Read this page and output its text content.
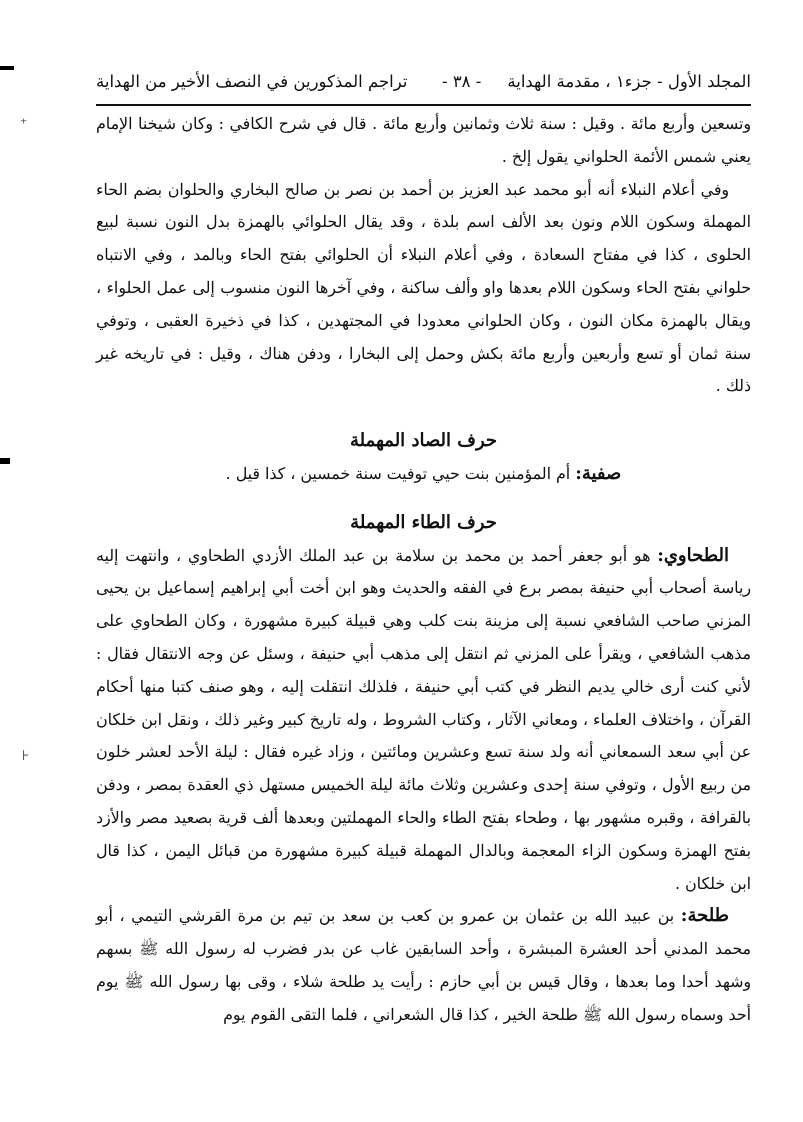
⁺
⊦
المجلد الأول - جزء١ ، مقدمة الهداية
- ٣٨ -
تراجم المذكورين في النصف الأخير من الهداية

وتسعين وأربع مائة . وقيل : سنة ثلاث وثمانين وأربع مائة . قال في شرح الكافي : وكان شيخنا الإمام يعني شمس الأئمة الحلواني يقول إلخ .

وفي أعلام النبلاء أنه أبو محمد عبد العزيز بن أحمد بن نصر بن صالح البخاري والحلوان بضم الحاء المهملة وسكون اللام ونون بعد الألف اسم بلدة ، وقد يقال الحلوائي بالهمزة بدل النون نسبة لبيع الحلوى ، كذا في مفتاح السعادة ، وفي أعلام النبلاء أن الحلوائي بفتح الحاء وبالمد ، وفي الانتباه حلواني بفتح الحاء وسكون اللام بعدها واو وألف ساكنة ، وفي آخرها النون منسوب إلى عمل الحلواء ، ويقال بالهمزة مكان النون ، وكان الحلواني معدودا في المجتهدين ، كذا في ذخيرة العقبى ، وتوفي سنة ثمان أو تسع وأربعين وأربع مائة بكش وحمل إلى البخارا ، ودفن هناك ، وقيل : في تاريخه غير ذلك .

حرف الصاد المهملة

صفية: أم المؤمنين بنت حيي توفيت سنة خمسين ، كذا قيل .

حرف الطاء المهملة

الطحاوي: هو أبو جعفر أحمد بن محمد بن سلامة بن عبد الملك الأزدي الطحاوي ، وانتهت إليه رياسة أصحاب أبي حنيفة بمصر برع في الفقه والحديث وهو ابن أخت أبي إبراهيم إسماعيل بن يحيى المزني صاحب الشافعي نسبة إلى مزينة بنت كلب وهي قبيلة كبيرة مشهورة ، وكان الطحاوي على مذهب الشافعي ، ويقرأ على المزني ثم انتقل إلى مذهب أبي حنيفة ، وسئل عن وجه الانتقال فقال : لأني كنت أرى خالي يديم النظر في كتب أبي حنيفة ، فلذلك انتقلت إليه ، وهو صنف كتبا منها أحكام القرآن ، واختلاف العلماء ، ومعاني الآثار ، وكتاب الشروط ، وله تاريخ كبير وغير ذلك ، ونقل ابن خلكان عن أبي سعد السمعاني أنه ولد سنة تسع وعشرين ومائتين ، وزاد غيره فقال : ليلة الأحد لعشر خلون من ربيع الأول ، وتوفي سنة إحدى وعشرين وثلاث مائة ليلة الخميس مستهل ذي العقدة بمصر ، ودفن بالقرافة ، وقبره مشهور بها ، وطحاء بفتح الطاء والحاء المهملتين وبعدها ألف قرية بصعيد مصر والأزد بفتح الهمزة وسكون الزاء المعجمة وبالدال المهملة قبيلة كبيرة مشهورة من قبائل اليمن ، كذا قال ابن خلكان .

طلحة: بن عبيد الله بن عثمان بن عمرو بن كعب بن سعد بن تيم بن مرة القرشي التيمي ، أبو محمد المدني أحد العشرة المبشرة ، وأحد السابقين غاب عن بدر فضرب له رسول الله ﷺ بسهم وشهد أحدا وما بعدها ، وقال قيس بن أبي حازم : رأيت يد طلحة شلاء ، وقى بها رسول الله ﷺ يوم أحد وسماه رسول الله ﷺ طلحة الخير ، كذا قال الشعراني ، فلما التقى القوم يوم
